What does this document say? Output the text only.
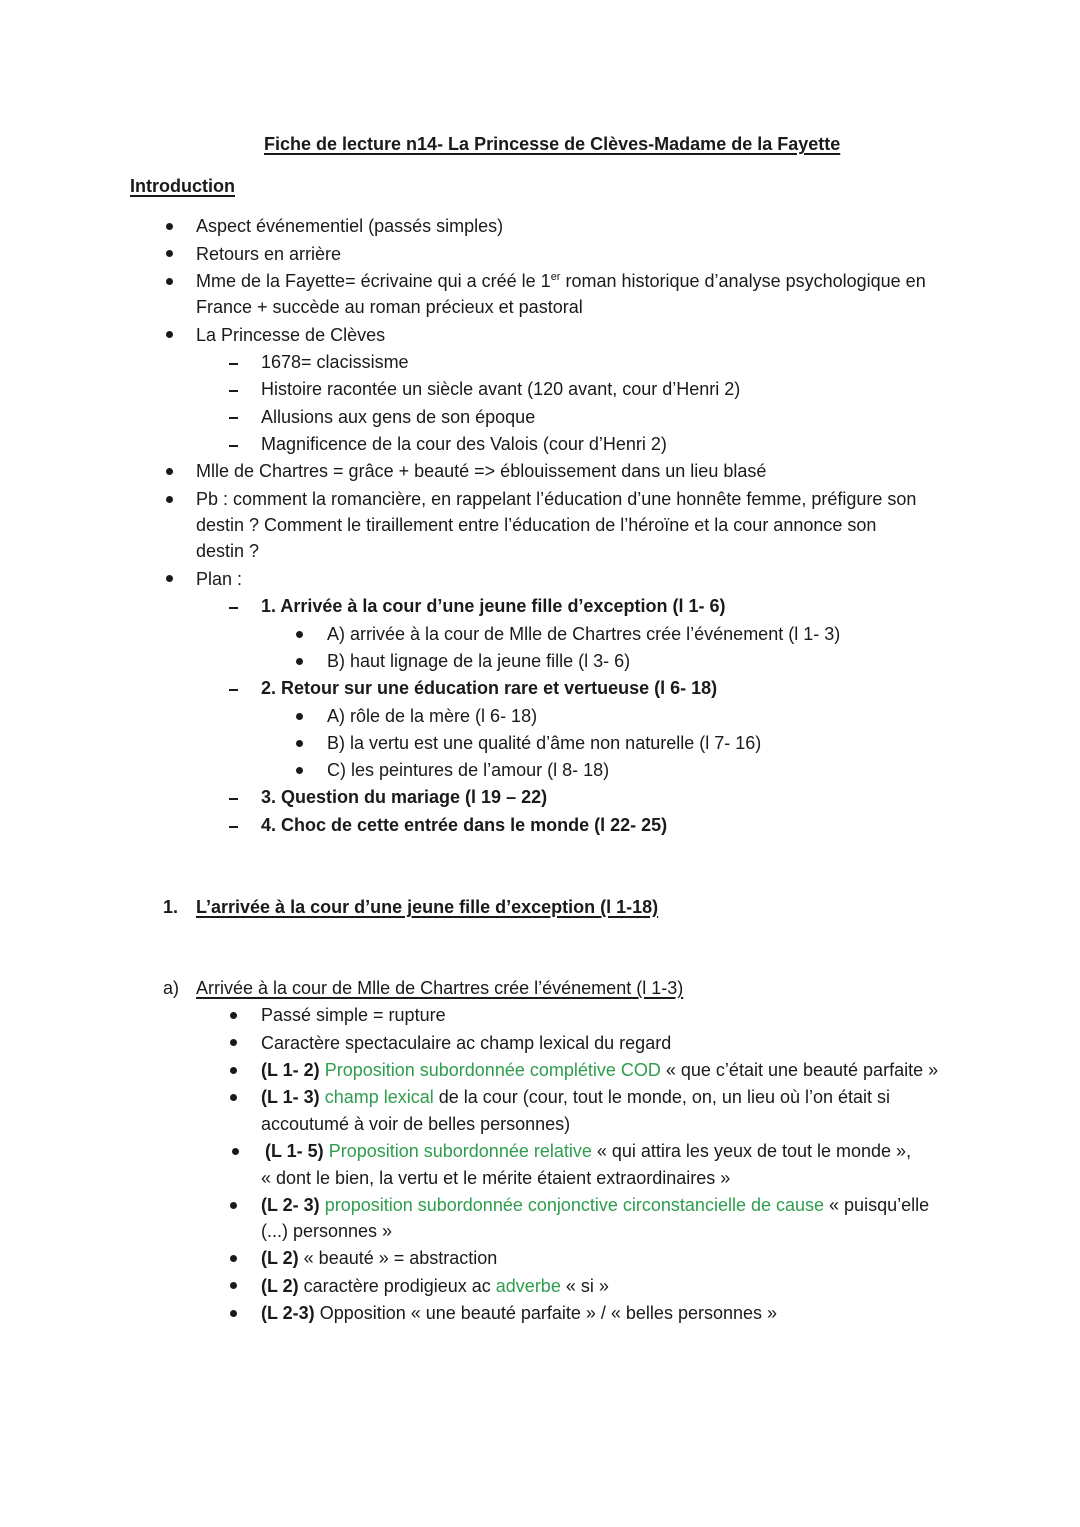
Fiche de lecture n14- La Princesse de Clèves-Madame de la Fayette
Introduction
Aspect événementiel (passés simples)
Retours en arrière
Mme de la Fayette= écrivaine qui a créé le 1er roman historique d’analyse psychologique en
France + succède au roman précieux et pastoral
La Princesse de Clèves
1678= clacissisme
Histoire racontée un siècle avant (120 avant, cour d’Henri 2)
Allusions aux gens de son époque
Magnificence de la cour des Valois (cour d’Henri 2)
Mlle de Chartres = grâce + beauté => éblouissement dans un lieu blasé
Pb : comment la romancière, en rappelant l’éducation d’une honnête femme, préfigure son
destin ? Comment le tiraillement entre l’éducation de l’héroïne et la cour annonce son
destin ?
Plan :
1. Arrivée à la cour d’une jeune fille d’exception (l 1- 6)
A) arrivée à la cour de Mlle de Chartres crée l’événement (l 1- 3)
B) haut lignage de la jeune fille (l 3- 6)
2. Retour sur une éducation rare et vertueuse (l 6- 18)
A) rôle de la mère (l 6- 18)
B) la vertu est une qualité d’âme non naturelle (l 7- 16)
C) les peintures de l’amour (l 8- 18)
3. Question du mariage (l 19 – 22)
4. Choc de cette entrée dans le monde (l 22- 25)
1. L’arrivée à la cour d’une jeune fille d’exception (l 1-18)
a) Arrivée à la cour de Mlle de Chartres crée l’événement (l 1-3)
Passé simple = rupture
Caractère spectaculaire ac champ lexical du regard
(L 1- 2) Proposition subordonnée complétive COD « que c’était une beauté parfaite »
(L 1- 3) champ lexical de la cour (cour, tout le monde, on, un lieu où l’on était si
accoutumé à voir de belles personnes)
(L 1- 5) Proposition subordonnée relative « qui attira les yeux de tout le monde »,
« dont le bien, la vertu et le mérite étaient extraordinaires »
(L 2- 3) proposition subordonnée conjonctive circonstancielle de cause « puisqu’elle
(...) personnes »
(L 2) « beauté » = abstraction
(L 2) caractère prodigieux ac adverbe « si »
(L 2-3) Opposition « une beauté parfaite » / « belles personnes »
